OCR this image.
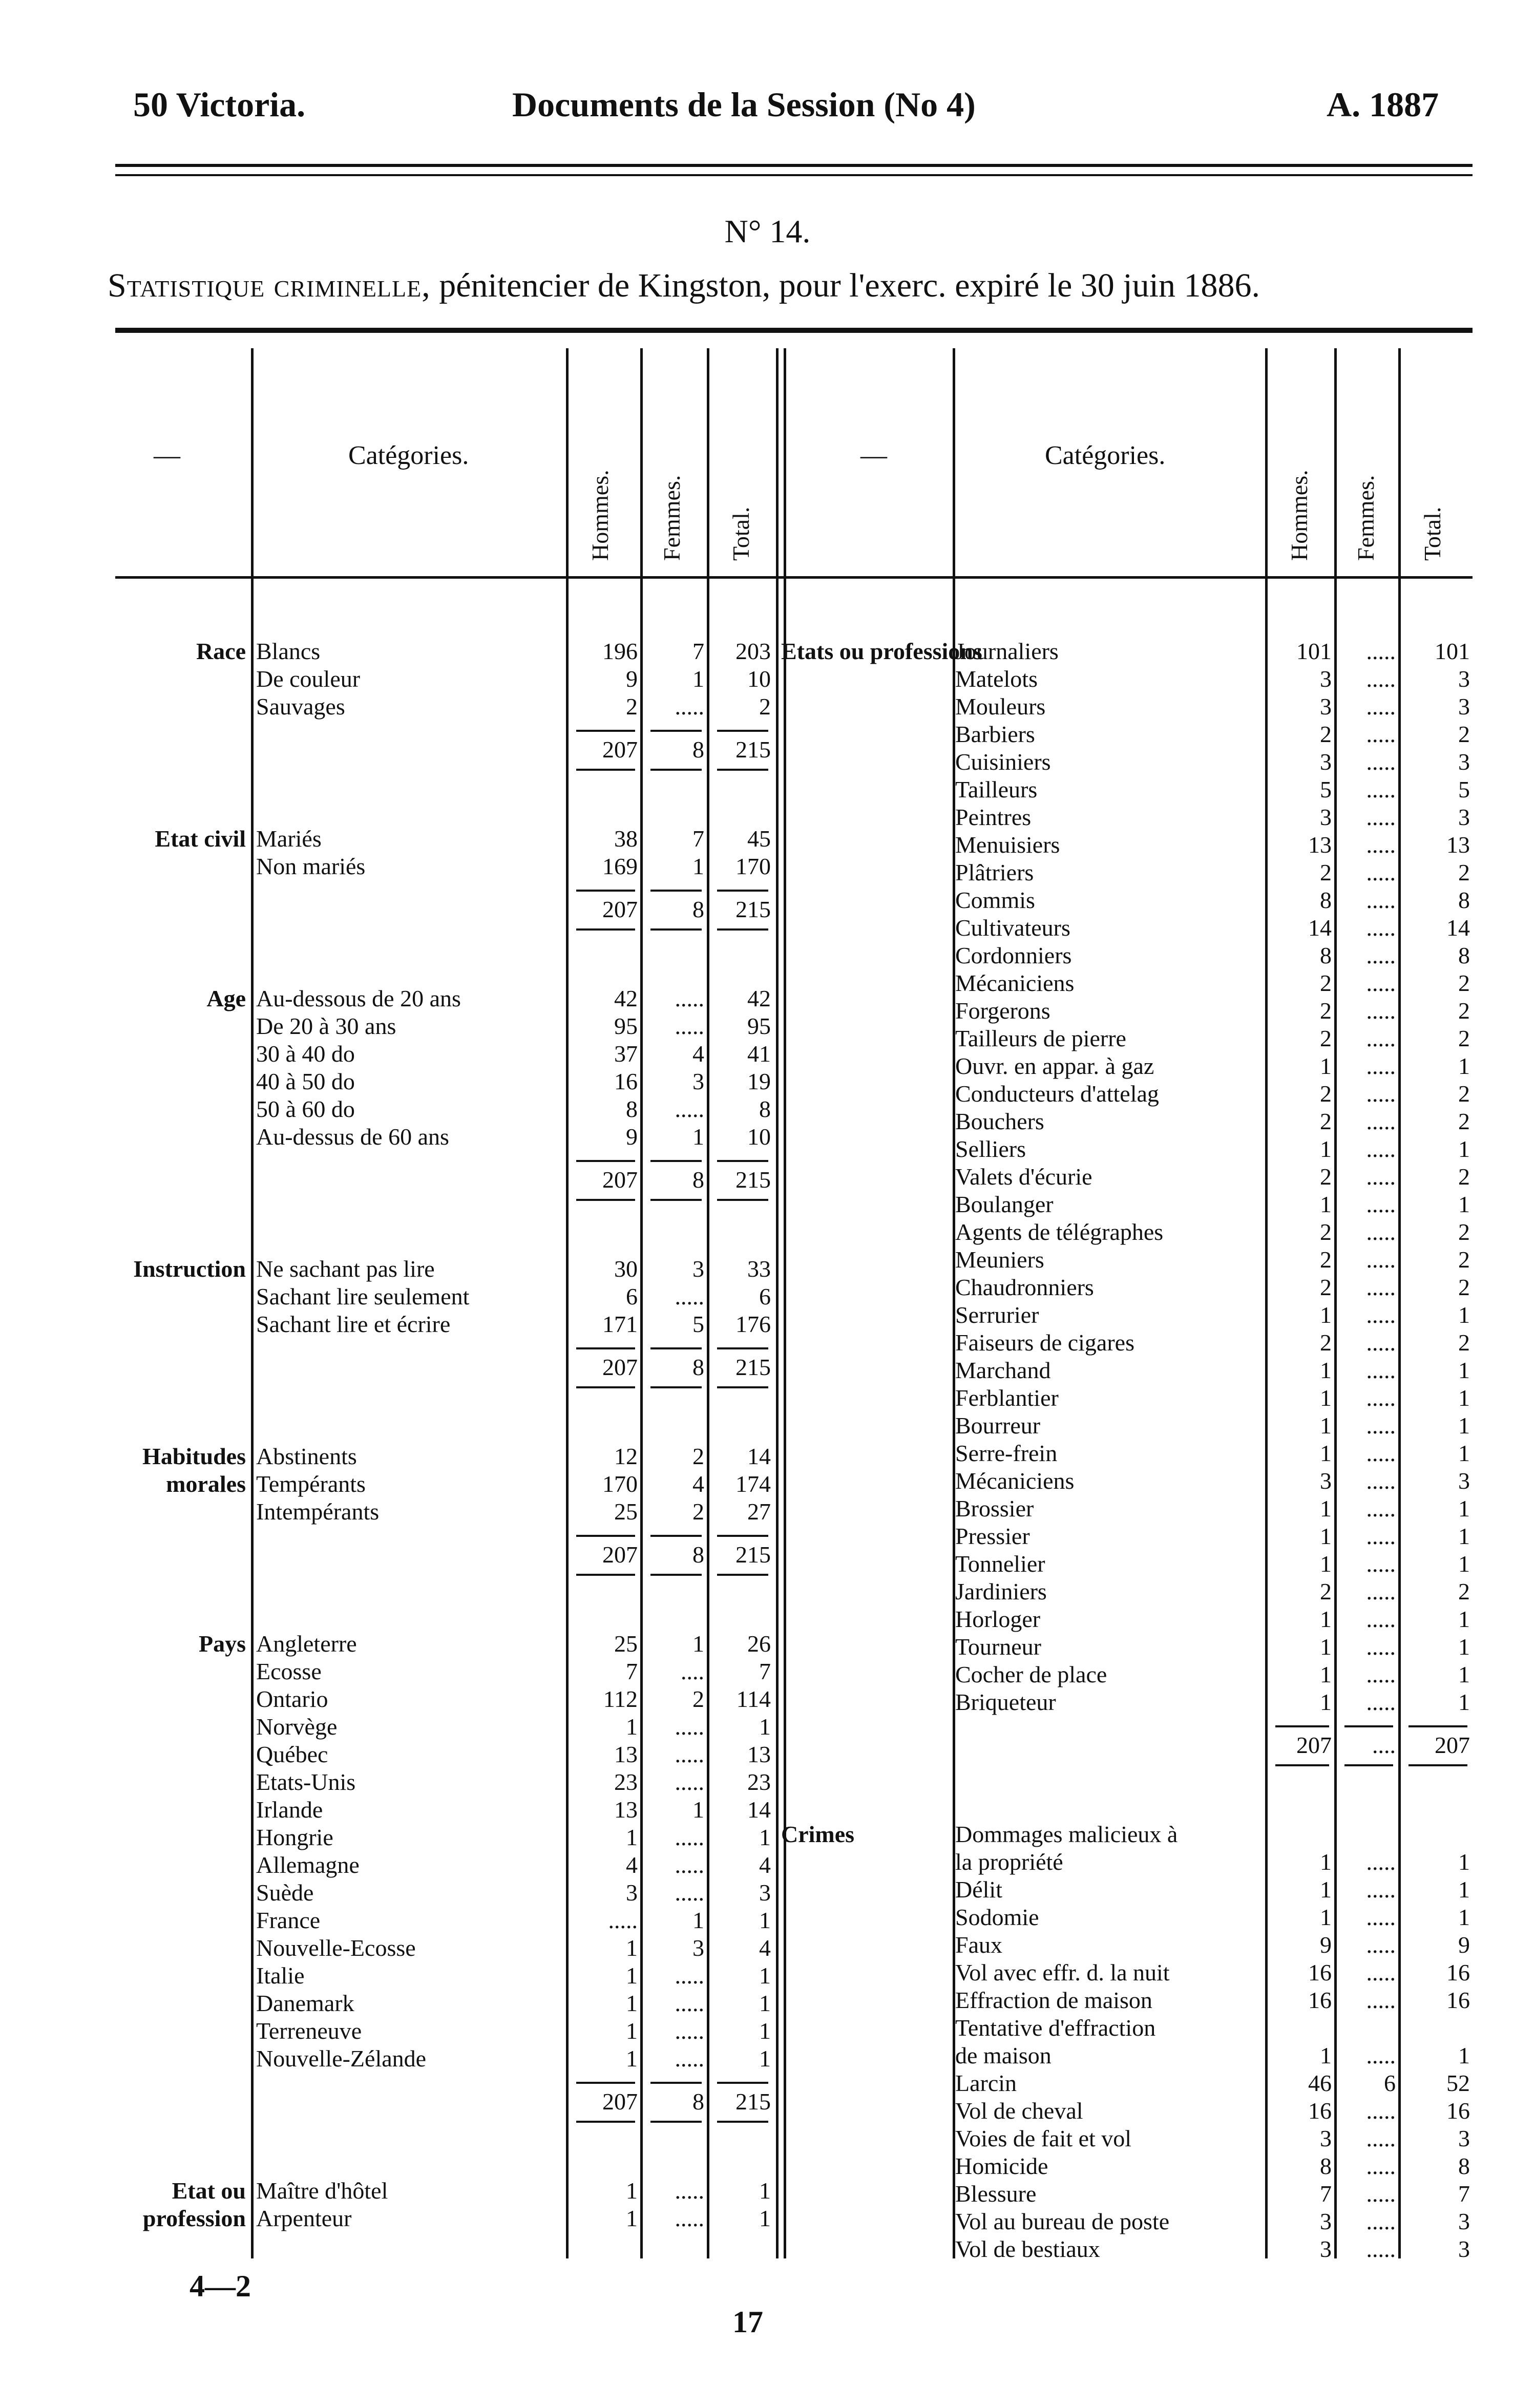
50 Victoria.	Documents de la Session (No 4)	A. 1887
N° 14.
Statistique criminelle, pénitencier de Kingston, pour l'exerc. expiré le 30 juin 1886.
—	Catégories.
Hommes. Femmes. Total.
—	Catégories.
Hommes. Femmes. Total.
Race Blancs	196	7	203
De couleur	9	1	10
Sauvages	2	.....	2
207	8	215
Etat civil Mariés	38	7	45
Non mariés	169	1	170
207	8	215
Age Au-dessous de 20 ans	42	.....	42
De 20 à 30 ans	95	.....	95
30 à 40 do	37	4	41
40 à 50 do	16	3	19
50 à 60 do	8	.....	8
Au-dessus de 60 ans	9	1	10
207	8	215
Instruction Ne sachant pas lire	30	3	33
Sachant lire seulement	6	.....	6
Sachant lire et écrire	171	5	176
207	8	215
Habitudes morales
Abstinents	12	2	14
Tempérants	170	4	174
Intempérants	25	2	27
207	8	215
Pays Angleterre	25	1	26
Ecosse	7	....	7
Ontario	112	2	114
Norvège	1	.....	1
Québec	13	.....	13
Etats-Unis	23	.....	23
Irlande	13	1	14
Hongrie	1	.....	1
Allemagne	4	.....	4
Suède	3	.....	3
France	.....	1	1
Nouvelle-Ecosse	1	3	4
Italie	1	.....	1
Danemark	1	.....	1
Terreneuve	1	.....	1
Nouvelle-Zélande	1	.....	1
207	8	215
Etat ou profession
Maître d'hôtel	1	.....	1
Arpenteur	1	.....	1
Etats ou professions
Journaliers	101	.....	101
Matelots	3	.....	3
Mouleurs	3	.....	3
Barbiers	2	.....	2
Cuisiniers	3	.....	3
Tailleurs	5	.....	5
Peintres	3	.....	3
Menuisiers	13	.....	13
Plâtriers	2	.....	2
Commis	8	.....	8
Cultivateurs	14	.....	14
Cordonniers	8	.....	8
Mécaniciens	2	.....	2
Forgerons	2	.....	2
Tailleurs de pierre	2	.....	2
Ouvr. en appar. à gaz	1	.....	1
Conducteurs d'attelag	2	.....	2
Bouchers	2	.....	2
Selliers	1	.....	1
Valets d'écurie	2	.....	2
Boulanger	1	.....	1
Agents de télégraphes	2	.....	2
Meuniers	2	.....	2
Chaudronniers	2	.....	2
Serrurier	1	.....	1
Faiseurs de cigares	2	.....	2
Marchand	1	.....	1
Ferblantier	1	.....	1
Bourreur	1	.....	1
Serre-frein	1	.....	1
Mécaniciens	3	.....	3
Brossier	1	.....	1
Pressier	1	.....	1
Tonnelier	1	.....	1
Jardiniers	2	.....	2
Horloger	1	.....	1
Tourneur	1	.....	1
Cocher de place	1	.....	1
Briqueteur	1	.....	1
207	....	207
Crimes	Dommages malicieux à
la propriété	1	.....	1
Délit	1	.....	1
Sodomie	1	.....	1
Faux	9	.....	9
Vol avec effr. d. la nuit	16	.....	16
Effraction de maison	16	.....	16
Tentative d'effraction
de maison	1	.....	1
Larcin	46	6	52
Vol de cheval	16	.....	16
Voies de fait et vol	3	.....	3
Homicide	8	.....	8
Blessure	7	.....	7
Vol au bureau de poste	3	.....	3
Vol de bestiaux	3	.....	3
4—2
17
